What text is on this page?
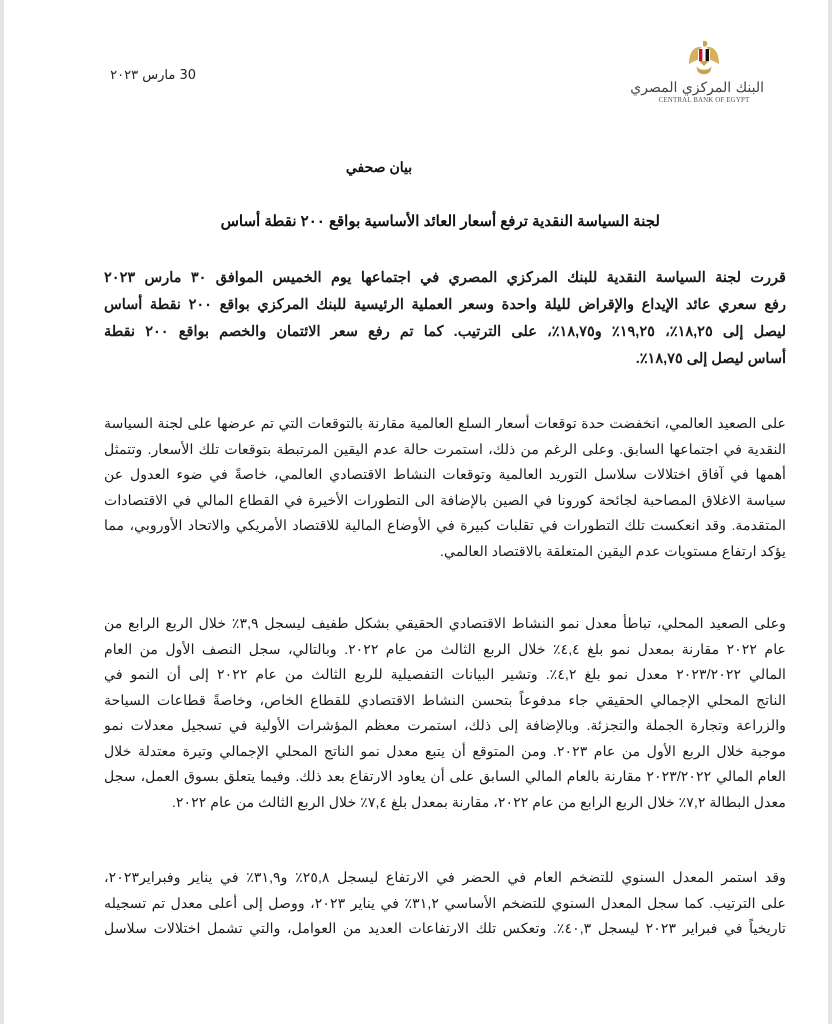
البنك المركزي المصري
CENTRAL BANK OF EGYPT
30 مارس ٢٠٢٣
بيان صحفي
لجنة السياسة النقدية ترفع أسعار العائد الأساسية بواقع ٢٠٠ نقطة أساس
قررت لجنة السياسة النقدية للبنك المركزي المصري في اجتماعها يوم الخميس الموافق ٣٠ مارس ٢٠٢٣
رفع سعري عائد الإيداع والإقراض لليلة واحدة وسعر العملية الرئيسية للبنك المركزي بواقع ٢٠٠ نقطة أساس
ليصل إلى ١٨,٢٥٪، ١٩,٢٥٪ و١٨,٧٥٪، على الترتيب. كما تم رفع سعر الائتمان والخصم بواقع ٢٠٠ نقطة
أساس ليصل إلى ١٨,٧٥٪.
على الصعيد العالمي، انخفضت حدة توقعات أسعار السلع العالمية مقارنة بالتوقعات التي تم عرضها على لجنة السياسة
النقدية في اجتماعها السابق. وعلى الرغم من ذلك، استمرت حالة عدم اليقين المرتبطة بتوقعات تلك الأسعار. وتتمثل
أهمها في آفاق اختلالات سلاسل التوريد العالمية وتوقعات النشاط الاقتصادي العالمي، خاصةً في ضوء العدول عن
سياسة الاغلاق المصاحبة لجائحة كورونا في الصين بالإضافة الى التطورات الأخيرة في القطاع المالي في الاقتصادات
المتقدمة. وقد انعكست تلك التطورات في تقلبات كبيرة في الأوضاع المالية للاقتصاد الأمريكي والاتحاد الأوروبي، مما
يؤكد ارتفاع مستويات عدم اليقين المتعلقة بالاقتصاد العالمي.
وعلى الصعيد المحلي، تباطأ معدل نمو النشاط الاقتصادي الحقيقي بشكل طفيف ليسجل ٣,٩٪ خلال الربع الرابع من
عام ٢٠٢٢ مقارنة بمعدل نمو بلغ ٤,٤٪ خلال الربع الثالث من عام ٢٠٢٢. وبالتالي، سجل النصف الأول من العام
المالي ٢٠٢٣/٢٠٢٢ معدل نمو بلغ ٤,٢٪. وتشير البيانات التفصيلية للربع الثالث من عام ٢٠٢٢ إلى أن النمو في
الناتج المحلي الإجمالي الحقيقي جاء مدفوعاً بتحسن النشاط الاقتصادي للقطاع الخاص، وخاصةً قطاعات السياحة
والزراعة وتجارة الجملة والتجزئة. وبالإضافة إلى ذلك، استمرت معظم المؤشرات الأولية في تسجيل معدلات نمو
موجبة خلال الربع الأول من عام ٢٠٢٣. ومن المتوقع أن يتبع معدل نمو الناتج المحلي الإجمالي وتيرة معتدلة خلال
العام المالي ٢٠٢٣/٢٠٢٢ مقارنة بالعام المالي السابق على أن يعاود الارتفاع بعد ذلك. وفيما يتعلق بسوق العمل، سجل
معدل البطالة ٧,٢٪ خلال الربع الرابع من عام ٢٠٢٢، مقارنة بمعدل بلغ ٧,٤٪ خلال الربع الثالث من عام ٢٠٢٢.
وقد استمر المعدل السنوي للتضخم العام في الحضر في الارتفاع ليسجل ٢٥,٨٪ و٣١,٩٪ في يناير وفبراير٢٠٢٣،
على الترتيب. كما سجل المعدل السنوي للتضخم الأساسي ٣١,٢٪ في يناير ٢٠٢٣، ووصل إلى أعلى معدل تم تسجيله
تاريخياً في فبراير ٢٠٢٣ ليسجل ٤٠,٣٪. وتعكس تلك الارتفاعات العديد من العوامل، والتي تشمل اختلالات سلاسل
